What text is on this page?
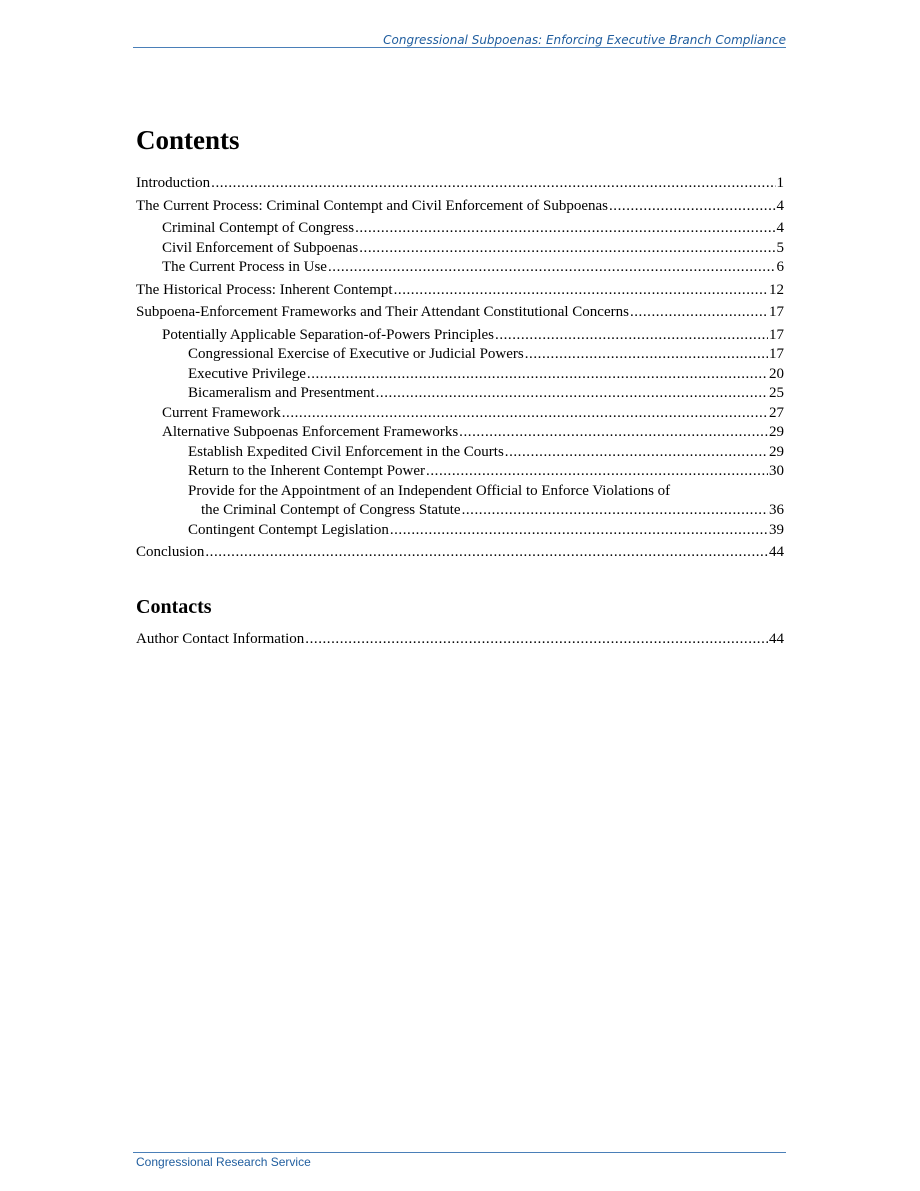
Congressional Subpoenas: Enforcing Executive Branch Compliance
Contents
Introduction . . .	1
The Current Process: Criminal Contempt and Civil Enforcement of Subpoenas . . .	4
Criminal Contempt of Congress . . .	4
Civil Enforcement of Subpoenas . . .	5
The Current Process in Use . . .	6
The Historical Process: Inherent Contempt . . .	12
Subpoena-Enforcement Frameworks and Their Attendant Constitutional Concerns . . .	17
Potentially Applicable Separation-of-Powers Principles . . .	17
Congressional Exercise of Executive or Judicial Powers . . .	17
Executive Privilege . . .	20
Bicameralism and Presentment . . .	25
Current Framework . . .	27
Alternative Subpoenas Enforcement Frameworks . . .	29
Establish Expedited Civil Enforcement in the Courts . . .	29
Return to the Inherent Contempt Power . . .	30
Provide for the Appointment of an Independent Official to Enforce Violations of
the Criminal Contempt of Congress Statute . . .	36
Contingent Contempt Legislation . . .	39
Conclusion . . .	44
Contacts
Author Contact Information . . .	44
Congressional Research Service
